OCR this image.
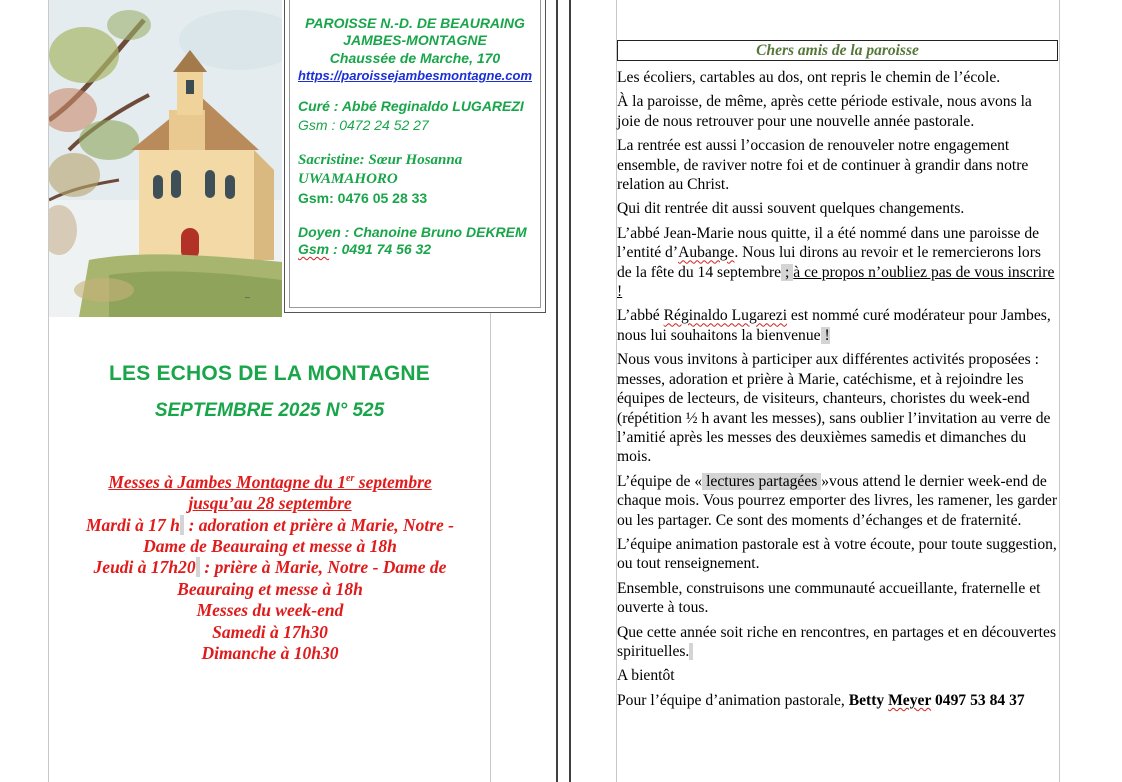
~
PAROISSE N.-D. DE BEAURAING
JAMBES-MONTAGNE
Chaussée de Marche, 170
https://paroissejambesmontagne.com
Curé : Abbé Reginaldo LUGAREZI
Gsm : 0472 24 52 27
Sacristine: Sœur Hosanna
UWAMAHORO
Gsm: 0476 05 28 33
Doyen : Chanoine Bruno DEKREM
Gsm : 0491 74 56 32
LES ECHOS DE LA MONTAGNE
SEPTEMBRE 2025 N° 525
Messes à Jambes Montagne du 1er septembre
jusqu’au 28 septembre
Mardi à 17 h  : adoration et prière à Marie, Notre -
Dame de Beauraing et messe à 18h
Jeudi à 17h20  : prière à Marie, Notre - Dame de
Beauraing et messe à 18h
Messes du week-end
Samedi à 17h30
Dimanche à 10h30
Chers amis de la paroisse

Les écoliers, cartables au dos, ont repris le chemin de l’école.

À la paroisse, de même, après cette période estivale, nous avons la joie de nous retrouver pour une nouvelle année pastorale.

La rentrée est aussi l’occasion de renouveler notre engagement ensemble, de raviver notre foi et de continuer à grandir dans notre relation au Christ.

Qui dit rentrée dit aussi souvent quelques changements.

L’abbé Jean-Marie nous quitte, il a été nommé dans une paroisse de l’entité d’Aubange. Nous lui dirons au revoir et le remercierons lors de la fête du 14 septembre ; à ce propos n’oubliez pas de vous inscrire !

L’abbé Réginaldo Lugarezi est nommé curé modérateur pour Jambes, nous lui souhaitons la bienvenue !

Nous vous invitons à participer aux différentes activités proposées : messes, adoration et prière à Marie, catéchisme, et à rejoindre les équipes de lecteurs, de visiteurs, chanteurs, choristes du week-end (répétition ½ h avant les messes), sans oublier l’invitation au verre de l’amitié après les messes des deuxièmes samedis et dimanches du mois.

L’équipe de « lectures partagées »vous attend le dernier week-end de chaque mois. Vous pourrez emporter des livres, les ramener, les garder ou les partager. Ce sont des moments d’échanges et de fraternité.

L’équipe animation pastorale est à votre écoute, pour toute suggestion, ou tout renseignement.

Ensemble, construisons une communauté accueillante, fraternelle et ouverte à tous.

Que cette année soit riche en rencontres, en partages et en découvertes spirituelles.

A bientôt

Pour l’équipe d’animation pastorale, Betty Meyer 0497 53 84 37
